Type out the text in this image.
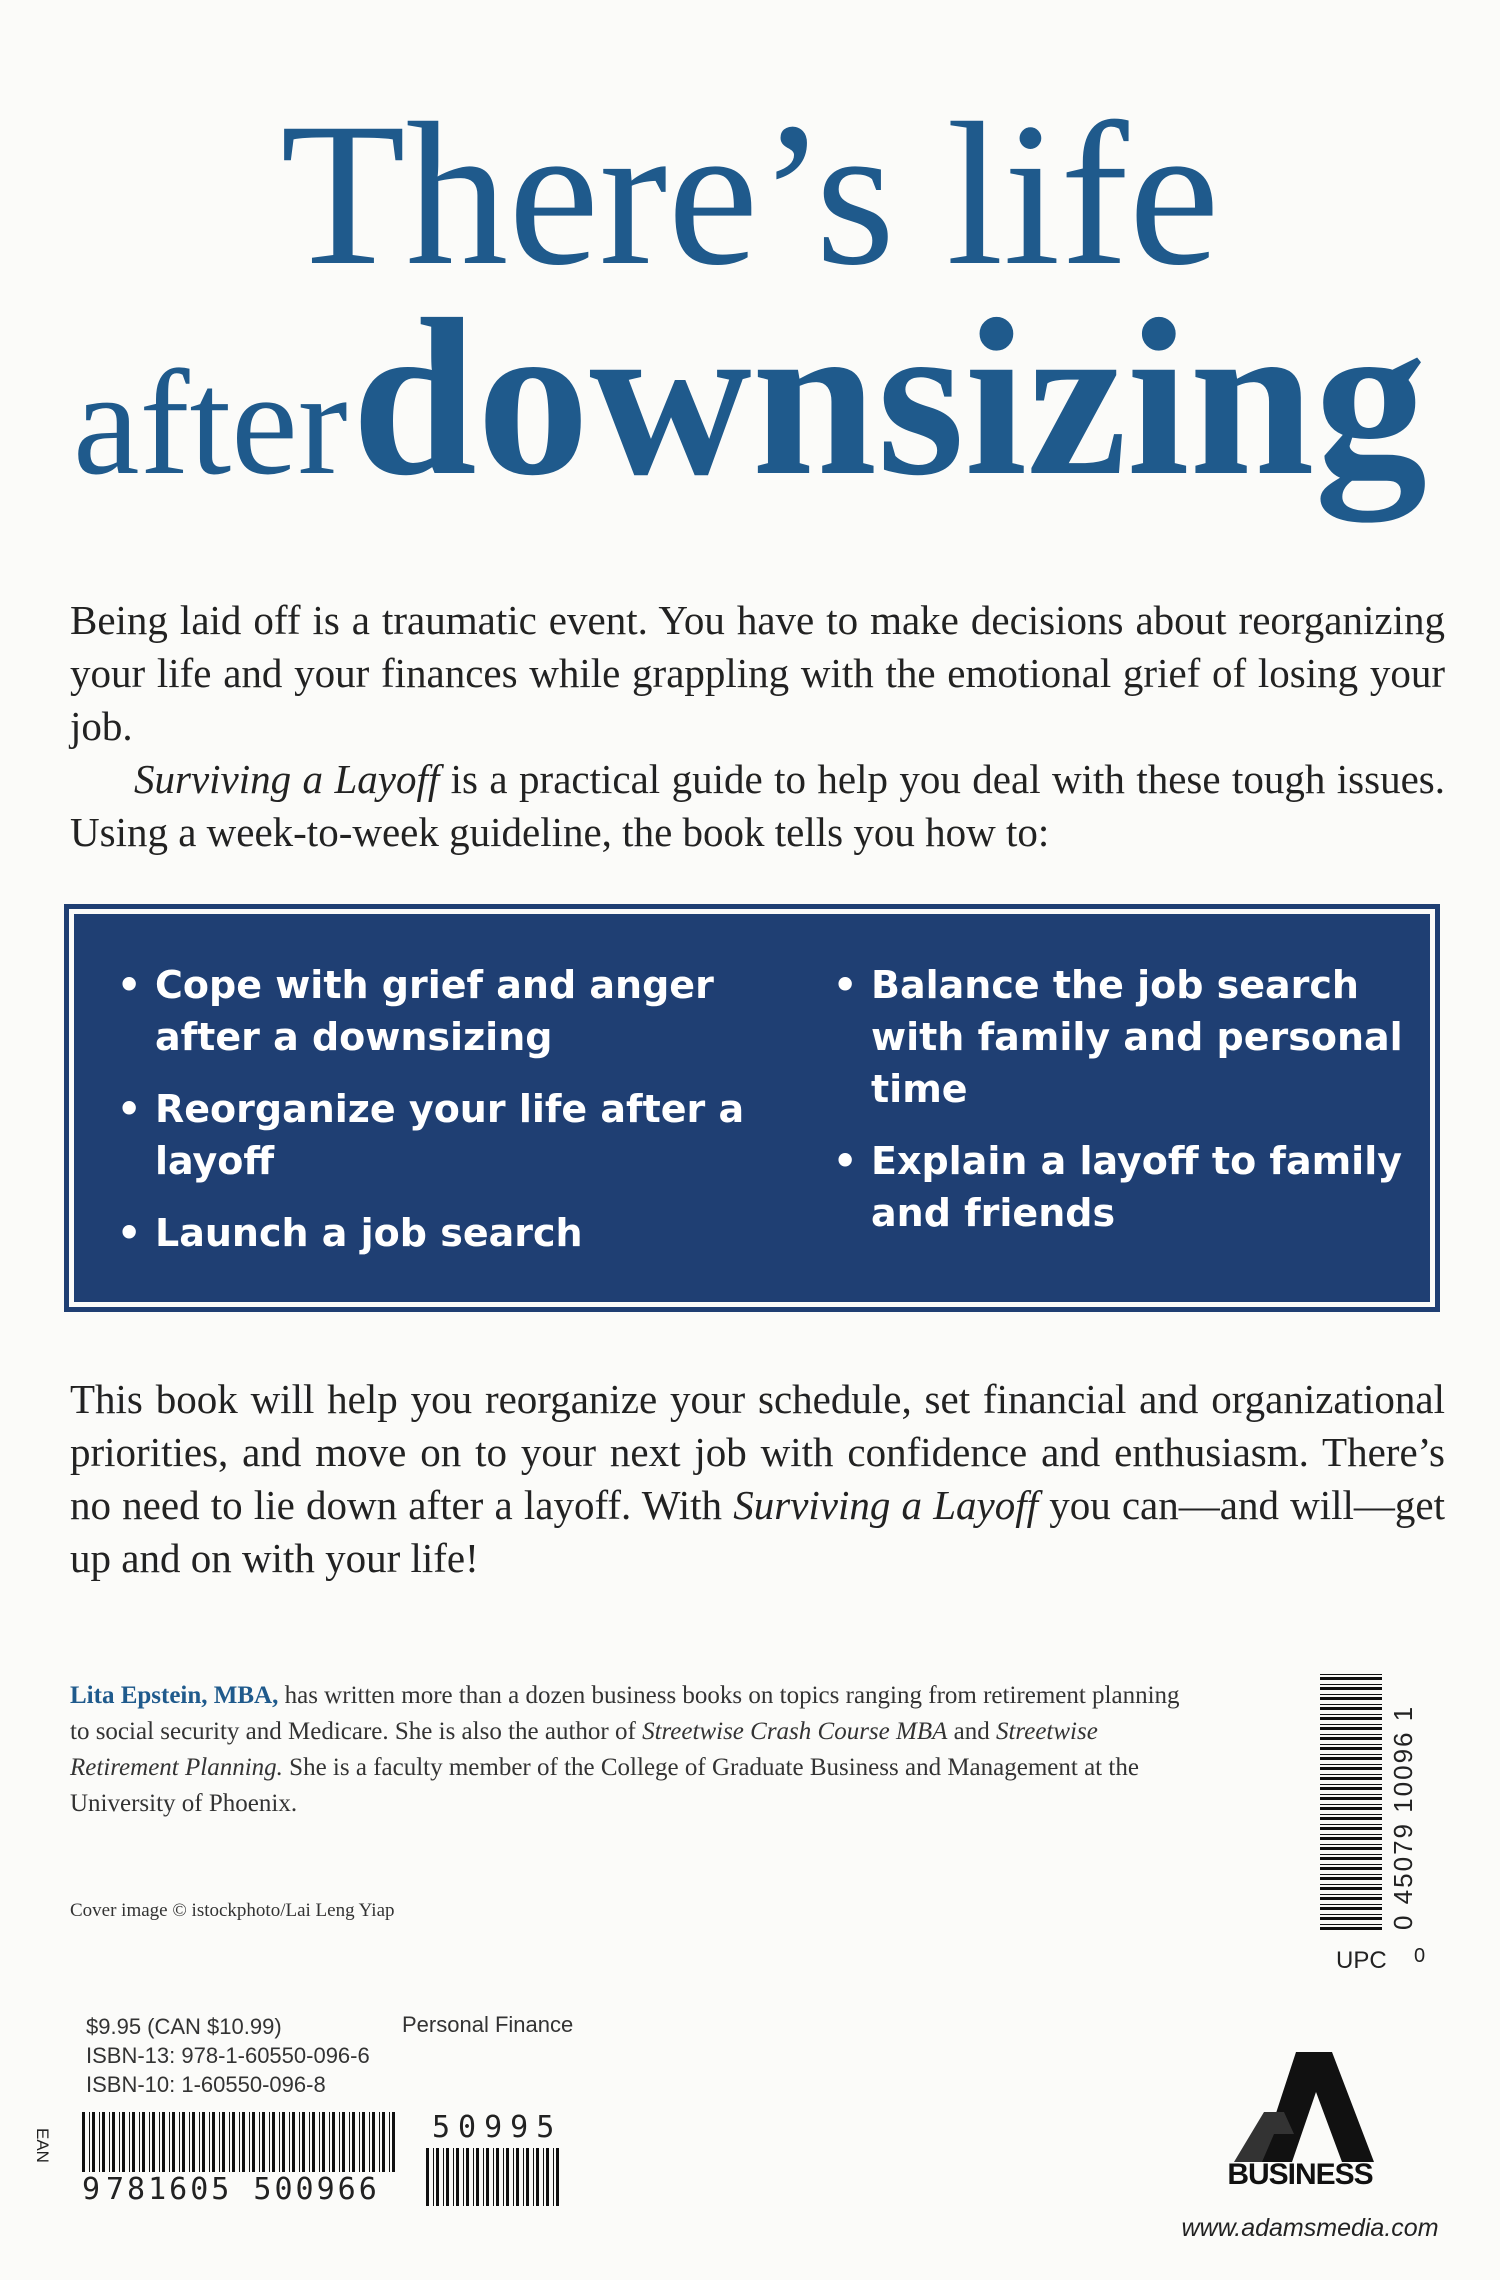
There’s life
after downsizing

Being laid off is a traumatic event. You have to make decisions about reorganizing your life and your finances while grappling with the emotional grief of losing your job.

Surviving a Layoff is a practical guide to help you deal with these tough issues. Using a week-to-week guideline, the book tells you how to:

• Cope with grief and anger after a downsizing
• Reorganize your life after a layoff
• Launch a job search
• Balance the job search with family and personal time
• Explain a layoff to family and friends

This book will help you reorganize your schedule, set financial and organizational priorities, and move on to your next job with confidence and enthusiasm. There’s no need to lie down after a layoff. With Surviving a Layoff you can—and will—get up and on with your life!

Lita Epstein, MBA, has written more than a dozen business books on topics ranging from retirement planning to social security and Medicare. She is also the author of Streetwise Crash Course MBA and Streetwise Retirement Planning. She is a faculty member of the College of Graduate Business and Management at the University of Phoenix.
Cover image © istockphoto/Lai Leng Yiap	0 45079 10096 1
UPC 0
$9.95 (CAN $10.99)
ISBN-13: 978-1-60550-096-6
ISBN-10: 1-60550-096-8
Personal Finance
EAN
9 781605 500966
50995
BUSINESS
www.adamsmedia.com
